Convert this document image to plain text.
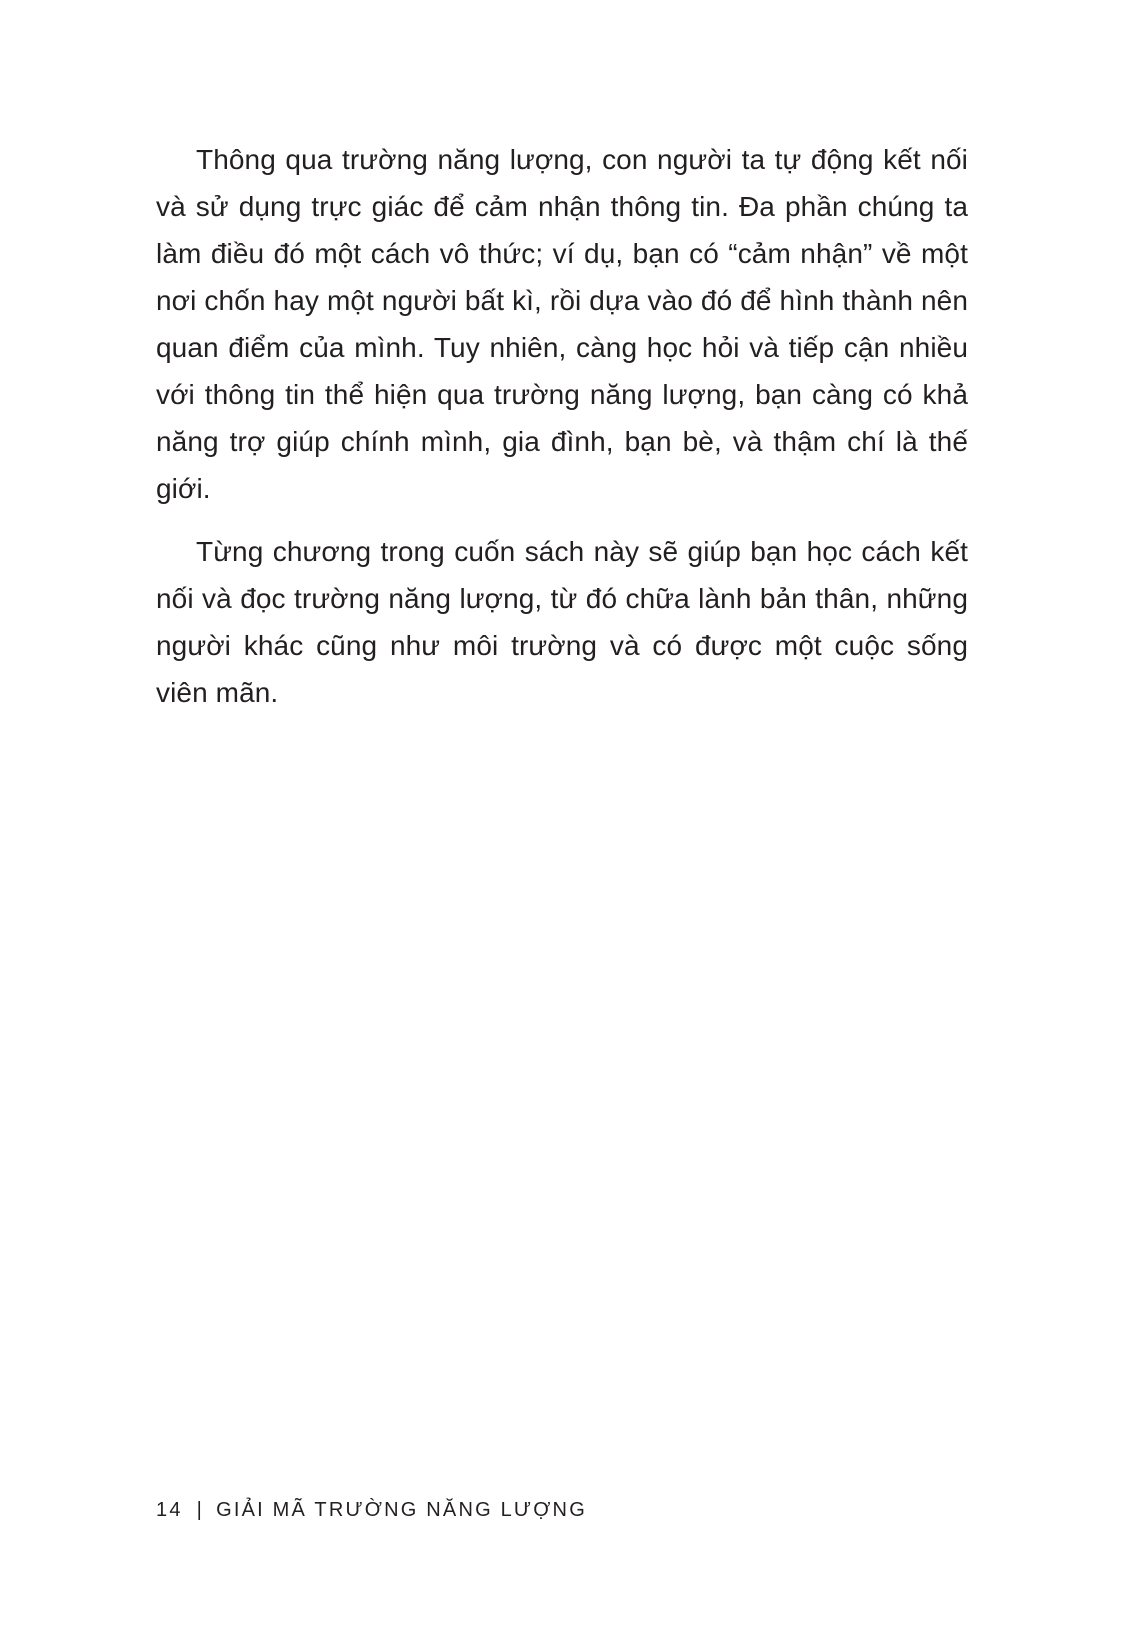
Thông qua trường năng lượng, con người ta tự động kết nối và sử dụng trực giác để cảm nhận thông tin. Đa phần chúng ta làm điều đó một cách vô thức; ví dụ, bạn có “cảm nhận” về một nơi chốn hay một người bất kì, rồi dựa vào đó để hình thành nên quan điểm của mình. Tuy nhiên, càng học hỏi và tiếp cận nhiều với thông tin thể hiện qua trường năng lượng, bạn càng có khả năng trợ giúp chính mình, gia đình, bạn bè, và thậm chí là thế giới.

Từng chương trong cuốn sách này sẽ giúp bạn học cách kết nối và đọc trường năng lượng, từ đó chữa lành bản thân, những người khác cũng như môi trường và có được một cuộc sống viên mãn.

14 | GIẢI MÃ TRƯỜNG NĂNG LƯỢNG
